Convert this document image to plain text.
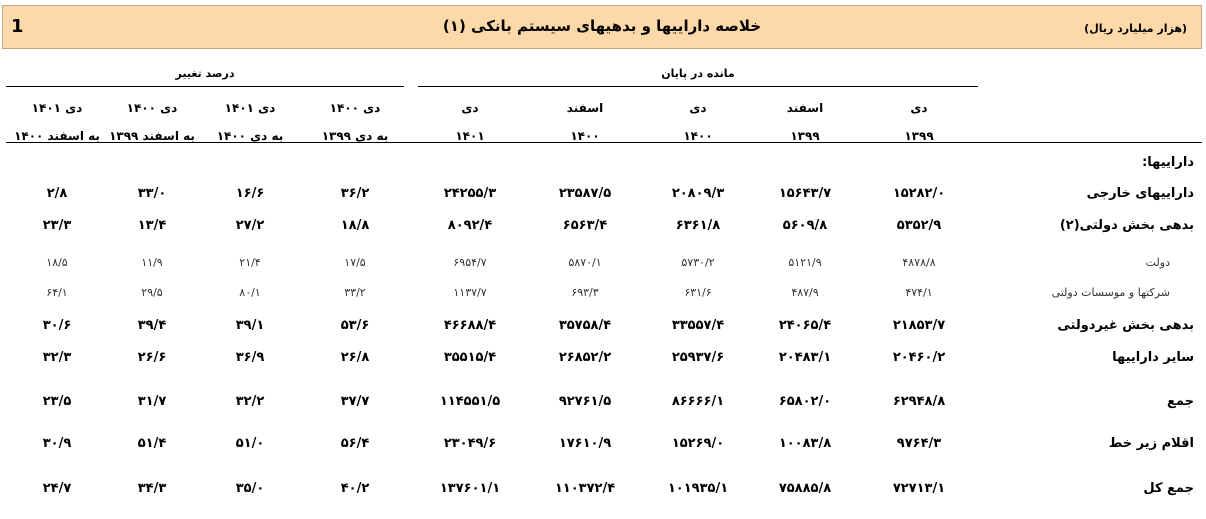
1	خلاصه داراییها و بدهیهای سیستم بانکی (۱)	(هزار میلیارد ریال)
مانده در پایان
درصد تغییر
دی
۱۳۹۹
اسفند
۱۳۹۹
دی
۱۴۰۰
اسفند
۱۴۰۰
دی
۱۴۰۱
دی ۱۴۰۰
به دی ۱۳۹۹
دی ۱۴۰۱
به دی ۱۴۰۰
دی ۱۴۰۰
به اسفند ۱۳۹۹
دی ۱۴۰۱
به اسفند ۱۴۰۰
داراییها:
داراییهای خارجی
۱۵۲۸۲/۰
۱۵۶۴۳/۷
۲۰۸۰۹/۳
۲۳۵۸۷/۵
۲۴۲۵۵/۳
۳۶/۲
۱۶/۶
۳۳/۰
۲/۸
بدهی بخش دولتی(۲)
۵۳۵۲/۹
۵۶۰۹/۸
۶۳۶۱/۸
۶۵۶۳/۴
۸۰۹۲/۴
۱۸/۸
۲۷/۲
۱۳/۴
۲۳/۳
دولت
۴۸۷۸/۸
۵۱۲۱/۹
۵۷۳۰/۲
۵۸۷۰/۱
۶۹۵۴/۷
۱۷/۵
۲۱/۴
۱۱/۹
۱۸/۵
شرکتها و موسسات دولتی
۴۷۴/۱
۴۸۷/۹
۶۳۱/۶
۶۹۳/۳
۱۱۳۷/۷
۳۳/۲
۸۰/۱
۲۹/۵
۶۴/۱
بدهی بخش غیردولتی
۲۱۸۵۳/۷
۲۴۰۶۵/۴
۳۳۵۵۷/۴
۳۵۷۵۸/۴
۴۶۶۸۸/۴
۵۳/۶
۳۹/۱
۳۹/۴
۳۰/۶
سایر داراییها
۲۰۴۶۰/۲
۲۰۴۸۳/۱
۲۵۹۳۷/۶
۲۶۸۵۲/۲
۳۵۵۱۵/۴
۲۶/۸
۳۶/۹
۲۶/۶
۳۲/۳
جمع
۶۲۹۴۸/۸
۶۵۸۰۲/۰
۸۶۶۶۶/۱
۹۲۷۶۱/۵
۱۱۴۵۵۱/۵
۳۷/۷
۳۲/۲
۳۱/۷
۲۳/۵
اقلام زیر خط
۹۷۶۴/۳
۱۰۰۸۳/۸
۱۵۲۶۹/۰
۱۷۶۱۰/۹
۲۳۰۴۹/۶
۵۶/۴
۵۱/۰
۵۱/۴
۳۰/۹
جمع کل
۷۲۷۱۳/۱
۷۵۸۸۵/۸
۱۰۱۹۳۵/۱
۱۱۰۳۷۲/۴
۱۳۷۶۰۱/۱
۴۰/۲
۳۵/۰
۳۴/۳
۲۴/۷
